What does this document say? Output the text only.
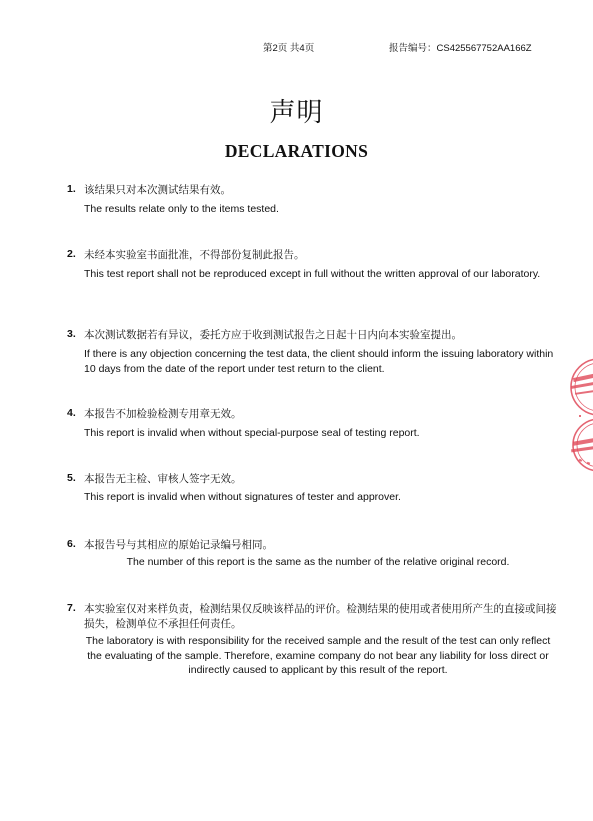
第2页 共4页	报告编号：CS425567752AA166Z
声明
DECLARATIONS
1. 该结果只对本次测试结果有效。
The results relate only to the items tested.
2. 未经本实验室书面批准，不得部份复制此报告。
This test report shall not be reproduced except in full without the written approval of our laboratory.
3. 本次测试数据若有异议，委托方应于收到测试报告之日起十日内向本实验室提出。
If there is any objection concerning the test data, the client should inform the issuing laboratory within 10 days from the date of the report under test return to the client.
4. 本报告不加检验检测专用章无效。
This report is invalid when without special-purpose seal of testing report.
5. 本报告无主检、审核人签字无效。
This report is invalid when without signatures of tester and approver.
6. 本报告号与其相应的原始记录编号相同。
The number of this report is the same as the number of the relative original record.
7. 本实验室仅对来样负责，检测结果仅反映该样品的评价。检测结果的使用或者使用所产生的直接或间接损失，检测单位不承担任何责任。
The laboratory is with responsibility for the received sample and the result of the test can only reflect the evaluating of the sample. Therefore, examine company do not bear any liability for loss direct or indirectly caused to applicant by this result of the report.
